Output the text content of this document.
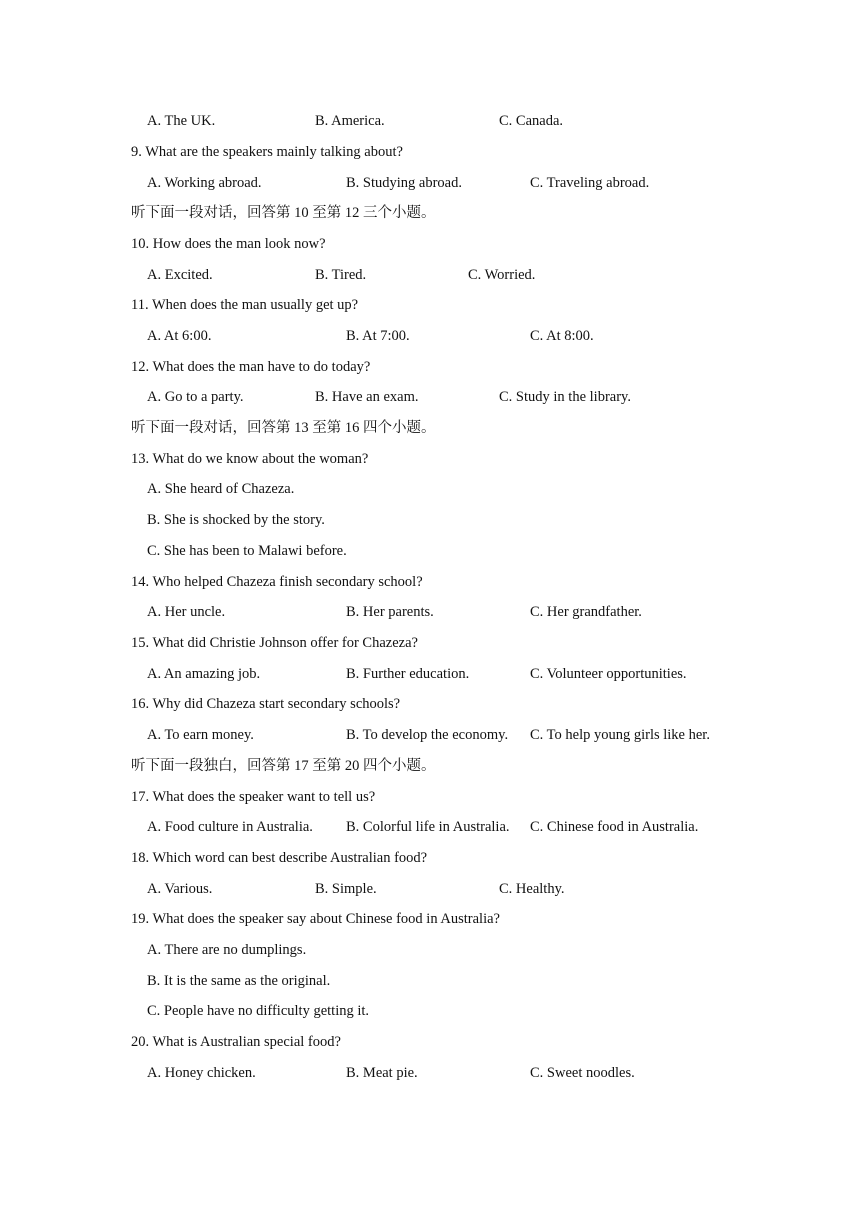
A. The UK.	B. America.	C. Canada.
9. What are the speakers mainly talking about?
A. Working abroad.	B. Studying abroad.	C. Traveling abroad.
听下面一段对话，回答第 10 至第 12 三个小题。
10. How does the man look now?
A. Excited.	B. Tired.	C. Worried.
11. When does the man usually get up?
A. At 6:00.	B. At 7:00.	C. At 8:00.
12. What does the man have to do today?
A. Go to a party.	B. Have an exam.	C. Study in the library.
听下面一段对话，回答第 13 至第 16 四个小题。
13. What do we know about the woman?
A. She heard of Chazeza.
B. She is shocked by the story.
C. She has been to Malawi before.
14. Who helped Chazeza finish secondary school?
A. Her uncle.	B. Her parents.	C. Her grandfather.
15. What did Christie Johnson offer for Chazeza?
A. An amazing job.	B. Further education.	C. Volunteer opportunities.
16. Why did Chazeza start secondary schools?
A. To earn money.	B. To develop the economy. C. To help young girls like her.
听下面一段独白，回答第 17 至第 20 四个小题。
17. What does the speaker want to tell us?
A. Food culture in Australia. B. Colorful life in Australia. C. Chinese food in Australia.
18. Which word can best describe Australian food?
A. Various.	B. Simple.	C. Healthy.
19. What does the speaker say about Chinese food in Australia?
A. There are no dumplings.
B. It is the same as the original.
C. People have no difficulty getting it.
20. What is Australian special food?
A. Honey chicken.	B. Meat pie.	C. Sweet noodles.
